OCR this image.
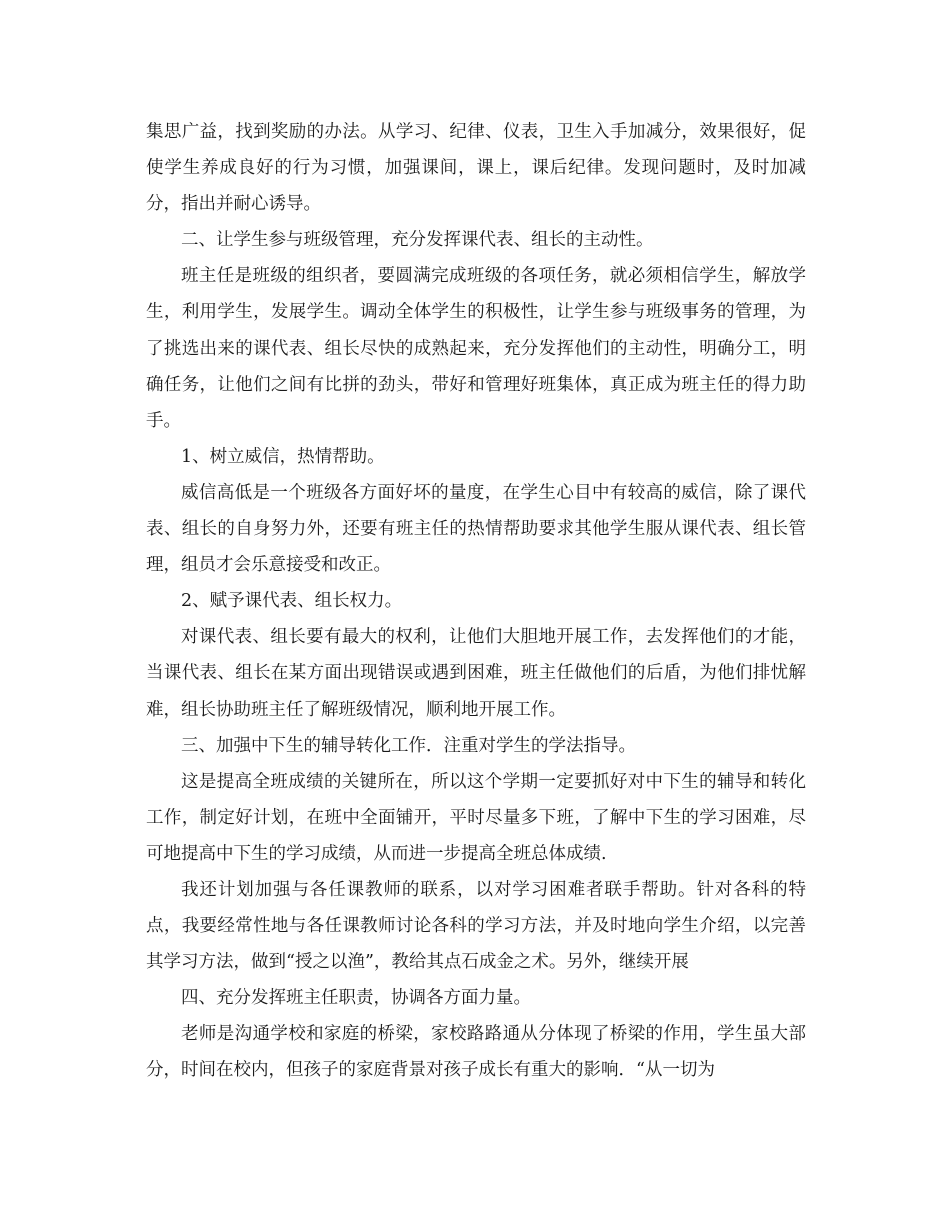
集思广益，找到奖励的办法。从学习、纪律、仪表，卫生入手加减分，效果很好，促使学生养成良好的行为习惯，加强课间，课上，课后纪律。发现问题时，及时加减分，指出并耐心诱导。

二、让学生参与班级管理，充分发挥课代表、组长的主动性。

班主任是班级的组织者，要圆满完成班级的各项任务，就必须相信学生，解放学生，利用学生，发展学生。调动全体学生的积极性，让学生参与班级事务的管理，为了挑选出来的课代表、组长尽快的成熟起来，充分发挥他们的主动性，明确分工，明确任务，让他们之间有比拼的劲头，带好和管理好班集体，真正成为班主任的得力助手。

1、树立威信，热情帮助。

威信高低是一个班级各方面好坏的量度，在学生心目中有较高的威信，除了课代表、组长的自身努力外，还要有班主任的热情帮助要求其他学生服从课代表、组长管理，组员才会乐意接受和改正。

2、赋予课代表、组长权力。

对课代表、组长要有最大的权利，让他们大胆地开展工作，去发挥他们的才能，当课代表、组长在某方面出现错误或遇到困难，班主任做他们的后盾，为他们排忧解难，组长协助班主任了解班级情况，顺利地开展工作。

三、加强中下生的辅导转化工作．注重对学生的学法指导。

这是提高全班成绩的关键所在，所以这个学期一定要抓好对中下生的辅导和转化工作，制定好计划，在班中全面铺开，平时尽量多下班，了解中下生的学习困难，尽可地提高中下生的学习成绩，从而进一步提高全班总体成绩.

我还计划加强与各任课教师的联系，以对学习困难者联手帮助。针对各科的特点，我要经常性地与各任课教师讨论各科的学习方法，并及时地向学生介绍，以完善其学习方法，做到“授之以渔”，教给其点石成金之术。另外，继续开展

四、充分发挥班主任职责，协调各方面力量。

老师是沟通学校和家庭的桥梁，家校路路通从分体现了桥梁的作用，学生虽大部分，时间在校内，但孩子的家庭背景对孩子成长有重大的影响．“从一切为
